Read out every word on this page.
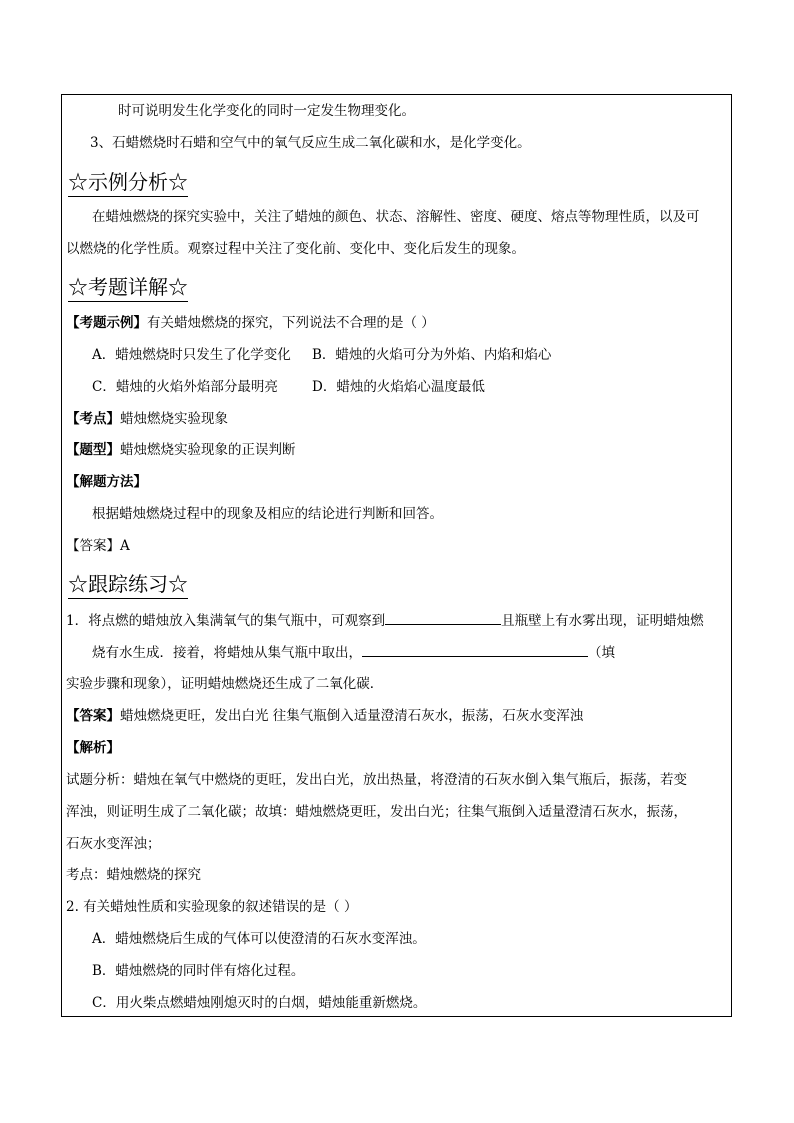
时可说明发生化学变化的同时一定发生物理变化。
3、石蜡燃烧时石蜡和空气中的氧气反应生成二氧化碳和水，是化学变化。
☆示例分析☆
在蜡烛燃烧的探究实验中，关注了蜡烛的颜色、状态、溶解性、密度、硬度、熔点等物理性质，以及可
以燃烧的化学性质。观察过程中关注了变化前、变化中、变化后发生的现象。
☆考题详解☆
【考题示例】有关蜡烛燃烧的探究，下列说法不合理的是（ ）
A．蜡烛燃烧时只发生了化学变化 B．蜡烛的火焰可分为外焰、内焰和焰心
C．蜡烛的火焰外焰部分最明亮	D．蜡烛的火焰焰心温度最低
【考点】蜡烛燃烧实验现象
【题型】蜡烛燃烧实验现象的正误判断
【解题方法】
根据蜡烛燃烧过程中的现象及相应的结论进行判断和回答。
【答案】A
☆跟踪练习☆
1．将点燃的蜡烛放入集满氧气的集气瓶中，可观察到	且瓶壁上有水雾出现，证明蜡烛燃
烧有水生成．接着，将蜡烛从集气瓶中取出，	（填
实验步骤和现象），证明蜡烛燃烧还生成了二氧化碳．
【答案】蜡烛燃烧更旺，发出白光 往集气瓶倒入适量澄清石灰水，振荡，石灰水变浑浊
【解析】
试题分析：蜡烛在氧气中燃烧的更旺，发出白光，放出热量，将澄清的石灰水倒入集气瓶后，振荡，若变
浑浊，则证明生成了二氧化碳；故填：蜡烛燃烧更旺，发出白光；往集气瓶倒入适量澄清石灰水，振荡，
石灰水变浑浊；
考点：蜡烛燃烧的探究
2. 有关蜡烛性质和实验现象的叙述错误的是（ ）
A．蜡烛燃烧后生成的气体可以使澄清的石灰水变浑浊。
B．蜡烛燃烧的同时伴有熔化过程。
C．用火柴点燃蜡烛刚熄灭时的白烟，蜡烛能重新燃烧。
